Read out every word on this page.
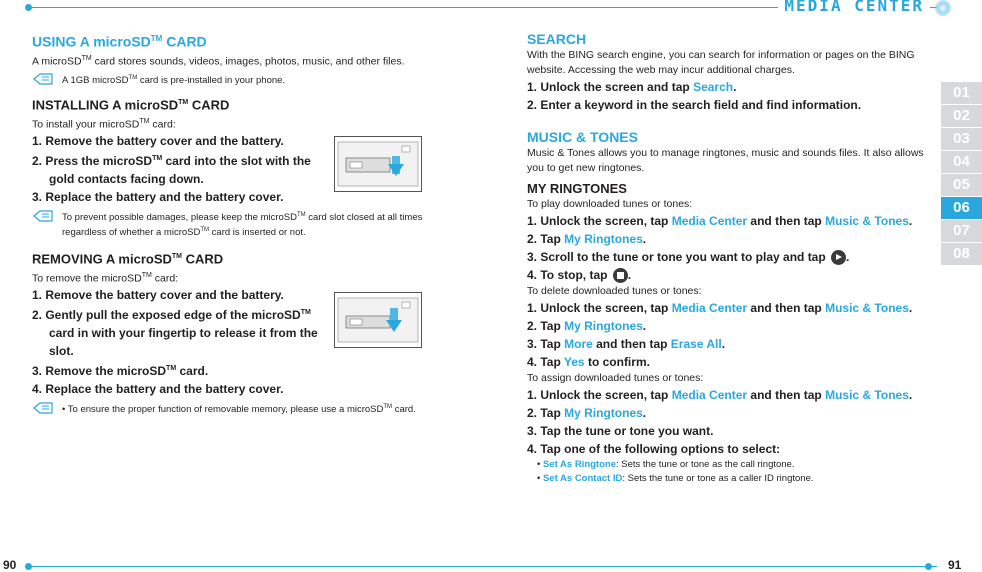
MEDIA CENTER
90	91
01
02
03
04
05
06
07
08
USING A microSD™ CARD
A microSD™ card stores sounds, videos, images, photos, music, and other files.
A 1GB microSD™ card is pre-installed in your phone.
INSTALLING A microSD™ CARD
To install your microSD™ card:
1. Remove the battery cover and the battery.
2. Press the microSD™ card into the slot with the gold contacts facing down.
3. Replace the battery and the battery cover.
To prevent possible damages, please keep the microSD™ card slot closed at all times regardless of whether a microSD™ card is inserted or not.
REMOVING A microSD™ CARD
To remove the microSD™ card:
1. Remove the battery cover and the battery.
2. Gently pull the exposed edge of the microSD™ card in with your fingertip to release it from the slot.
3. Remove the microSD™ card.
4. Replace the battery and the battery cover.
• To ensure the proper function of removable memory, please use a microSD™ card.
SEARCH
With the BING search engine, you can search for information or pages on the BING website. Accessing the web may incur additional charges.
1. Unlock the screen and tap Search.
2. Enter a keyword in the search field and find information.
MUSIC & TONES
Music & Tones allows you to manage ringtones, music and sounds files. It also allows you to get new ringtones.
MY RINGTONES
To play downloaded tunes or tones:
1. Unlock the screen, tap Media Center and then tap Music & Tones.
2. Tap My Ringtones.
3. Scroll to the tune or tone you want to play and tap .
4. To stop, tap .
To delete downloaded tunes or tones:
1. Unlock the screen, tap Media Center and then tap Music & Tones.
2. Tap My Ringtones.
3. Tap More and then tap Erase All.
4. Tap Yes to confirm.
To assign downloaded tunes or tones:
1. Unlock the screen, tap Media Center and then tap Music & Tones.
2. Tap My Ringtones.
3. Tap the tune or tone you want.
4. Tap one of the following options to select:
• Set As Ringtone: Sets the tune or tone as the call ringtone.
• Set As Contact ID: Sets the tune or tone as a caller ID ringtone.
